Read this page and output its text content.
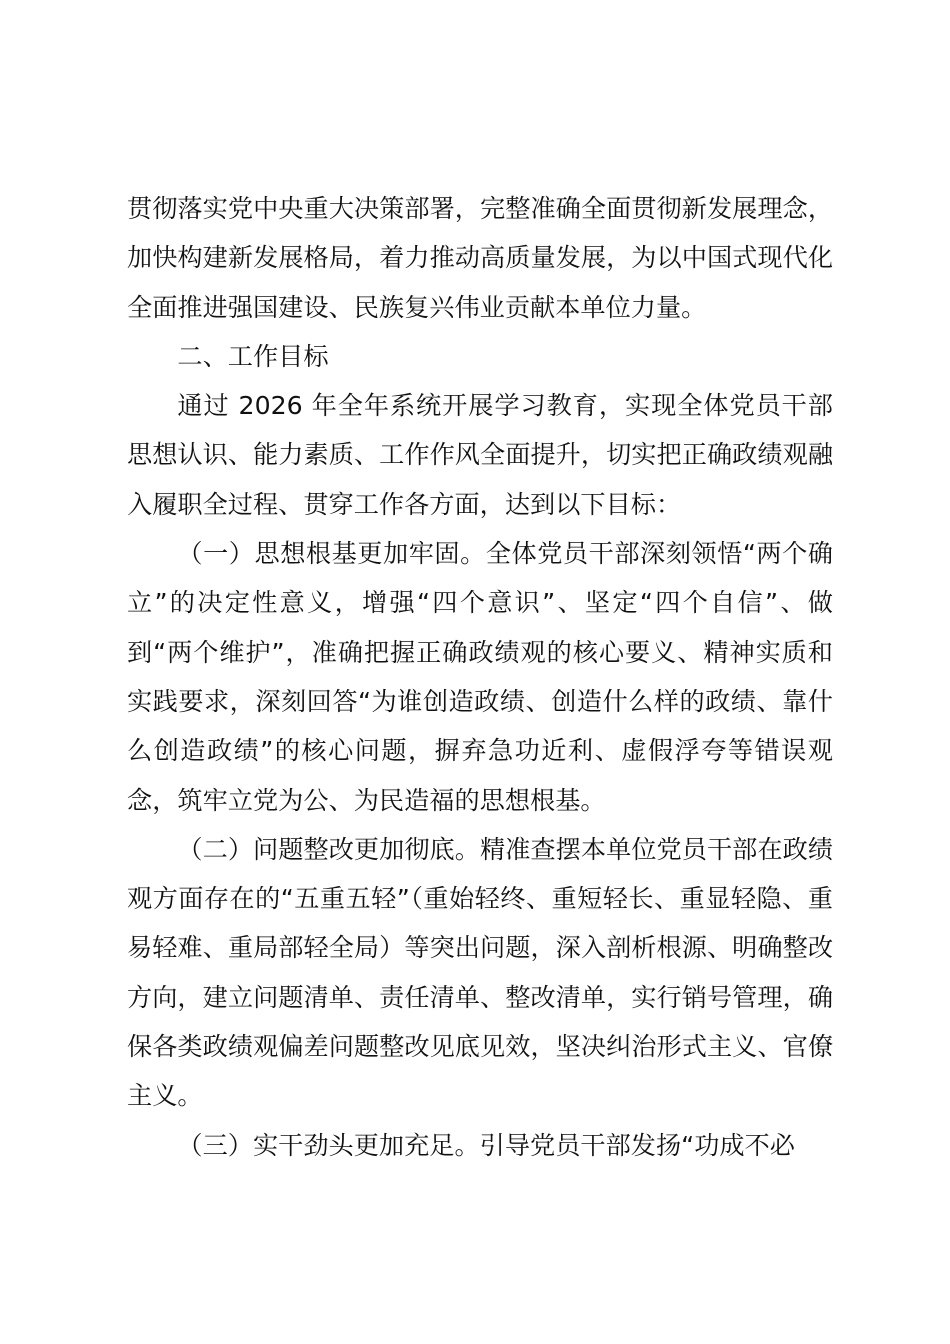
贯彻落实党中央重大决策部署，完整准确全面贯彻新发展理念，加快构建新发展格局，着力推动高质量发展，为以中国式现代化全面推进强国建设、民族复兴伟业贡献本单位力量。

二、工作目标

通过 2026 年全年系统开展学习教育，实现全体党员干部思想认识、能力素质、工作作风全面提升，切实把正确政绩观融入履职全过程、贯穿工作各方面，达到以下目标：

（一）思想根基更加牢固。全体党员干部深刻领悟“两个确立”的决定性意义，增强“四个意识”、坚定“四个自信”、做到“两个维护”，准确把握正确政绩观的核心要义、精神实质和实践要求，深刻回答“为谁创造政绩、创造什么样的政绩、靠什么创造政绩”的核心问题，摒弃急功近利、虚假浮夸等错误观念，筑牢立党为公、为民造福的思想根基。

（二）问题整改更加彻底。精准查摆本单位党员干部在政绩观方面存在的“五重五轻”（重始轻终、重短轻长、重显轻隐、重易轻难、重局部轻全局）等突出问题，深入剖析根源、明确整改方向，建立问题清单、责任清单、整改清单，实行销号管理，确保各类政绩观偏差问题整改见底见效，坚决纠治形式主义、官僚主义。

（三）实干劲头更加充足。引导党员干部发扬“功成不必
